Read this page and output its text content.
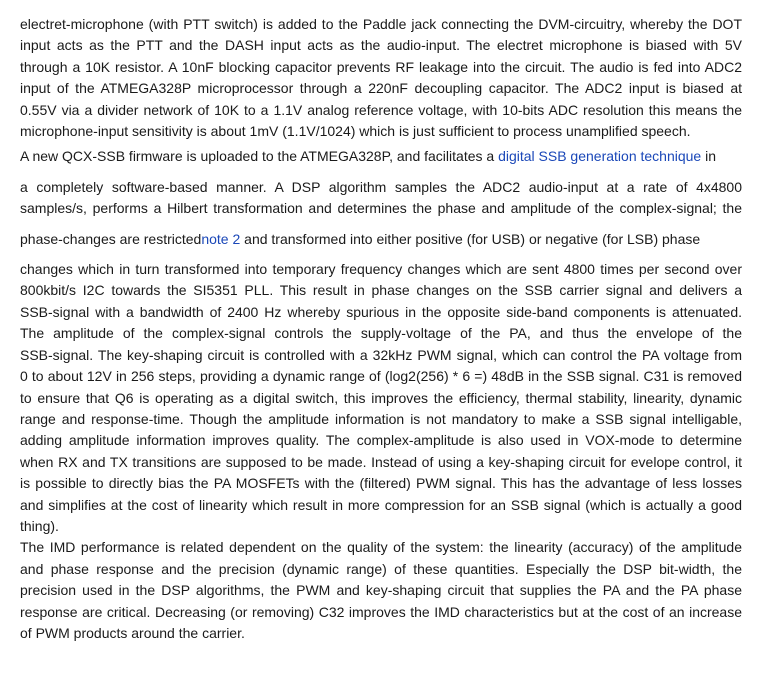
electret-microphone (with PTT switch) is added to the Paddle jack connecting the DVM-circuitry, whereby the DOT
input acts as the PTT and the DASH input acts as the audio-input. The electret microphone is biased with 5V
through a 10K resistor. A 10nF blocking capacitor prevents RF leakage into the circuit. The audio is fed into ADC2
input of the ATMEGA328P microprocessor through a 220nF decoupling capacitor. The ADC2 input is biased at
0.55V via a divider network of 10K to a 1.1V analog reference voltage, with 10-bits ADC resolution this means the
microphone-input sensitivity is about 1mV (1.1V/1024) which is just sufficient to process unamplified speech.

A new QCX-SSB firmware is uploaded to the ATMEGA328P, and facilitates a digital SSB generation technique in

a completely software-based manner. A DSP algorithm samples the ADC2 audio-input at a rate of 4x4800
samples/s, performs a Hilbert transformation and determines the phase and amplitude of the complex-signal; the

phase-changes are restrictednote 2 and transformed into either positive (for USB) or negative (for LSB) phase

changes which in turn transformed into temporary frequency changes which are sent 4800 times per second over
800kbit/s I2C towards the SI5351 PLL. This result in phase changes on the SSB carrier signal and delivers a
SSB-signal with a bandwidth of 2400 Hz whereby spurious in the opposite side-band components is attenuated.
The amplitude of the complex-signal controls the supply-voltage of the PA, and thus the envelope of the
SSB-signal. The key-shaping circuit is controlled with a 32kHz PWM signal, which can control the PA voltage from
0 to about 12V in 256 steps, providing a dynamic range of (log2(256) * 6 =) 48dB in the SSB signal. C31 is removed
to ensure that Q6 is operating as a digital switch, this improves the efficiency, thermal stability, linearity, dynamic
range and response-time. Though the amplitude information is not mandatory to make a SSB signal intelligable,
adding amplitude information improves quality. The complex-amplitude is also used in VOX-mode to determine
when RX and TX transitions are supposed to be made. Instead of using a key-shaping circuit for evelope control, it
is possible to directly bias the PA MOSFETs with the (filtered) PWM signal. This has the advantage of less losses
and simplifies at the cost of linearity which result in more compression for an SSB signal (which is actually a good
thing).
The IMD performance is related dependent on the quality of the system: the linearity (accuracy) of the amplitude
and phase response and the precision (dynamic range) of these quantities. Especially the DSP bit-width, the
precision used in the DSP algorithms, the PWM and key-shaping circuit that supplies the PA and the PA phase
response are critical. Decreasing (or removing) C32 improves the IMD characteristics but at the cost of an increase
of PWM products around the carrier.
